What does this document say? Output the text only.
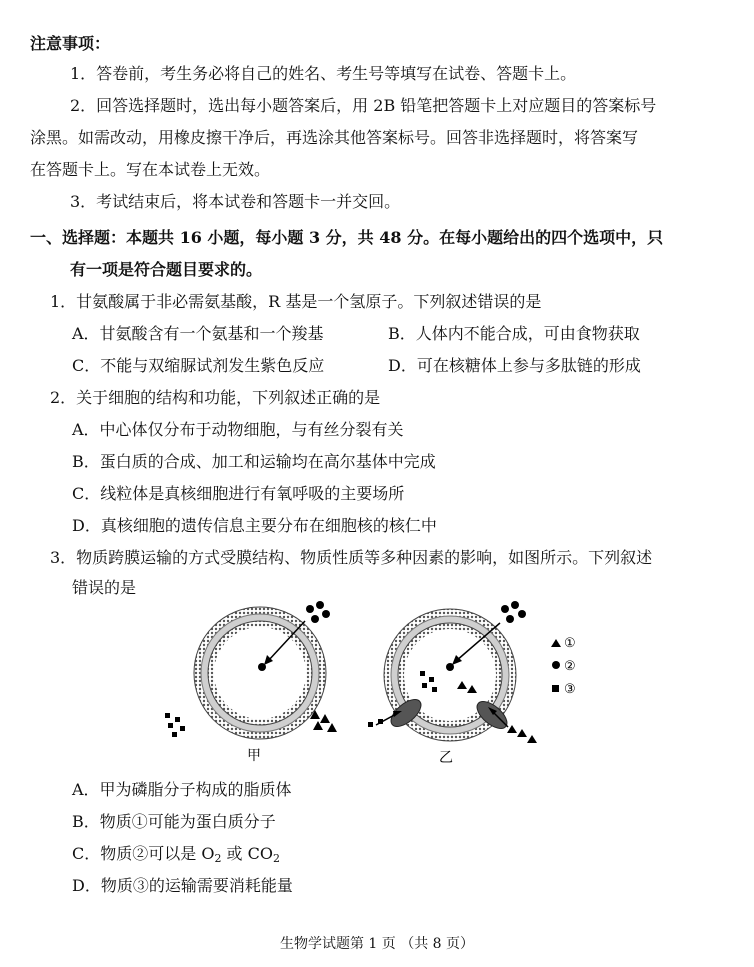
注意事项：
1．答卷前，考生务必将自己的姓名、考生号等填写在试卷、答题卡上。
2．回答选择题时，选出每小题答案后，用 2B 铅笔把答题卡上对应题目的答案标号
涂黑。如需改动，用橡皮擦干净后，再选涂其他答案标号。回答非选择题时，将答案写
在答题卡上。写在本试卷上无效。
3．考试结束后，将本试卷和答题卡一并交回。
一、选择题：本题共 16 小题，每小题 3 分，共 48 分。在每小题给出的四个选项中，只
有一项是符合题目要求的。
1．甘氨酸属于非必需氨基酸，R 基是一个氢原子。下列叙述错误的是
A．甘氨酸含有一个氨基和一个羧基	B．人体内不能合成，可由食物获取
C．不能与双缩脲试剂发生紫色反应	D．可在核糖体上参与多肽链的形成
2．关于细胞的结构和功能，下列叙述正确的是
A．中心体仅分布于动物细胞，与有丝分裂有关
B．蛋白质的合成、加工和运输均在高尔基体中完成
C．线粒体是真核细胞进行有氧呼吸的主要场所
D．真核细胞的遗传信息主要分布在细胞核的核仁中
3．物质跨膜运输的方式受膜结构、物质性质等多种因素的影响，如图所示。下列叙述
错误的是
甲	乙
①
②
③
A．甲为磷脂分子构成的脂质体
B．物质①可能为蛋白质分子
C．物质②可以是 $O_2$ 或 $CO_2$
D．物质③的运输需要消耗能量
生物学试题第 1 页 （共 8 页）
